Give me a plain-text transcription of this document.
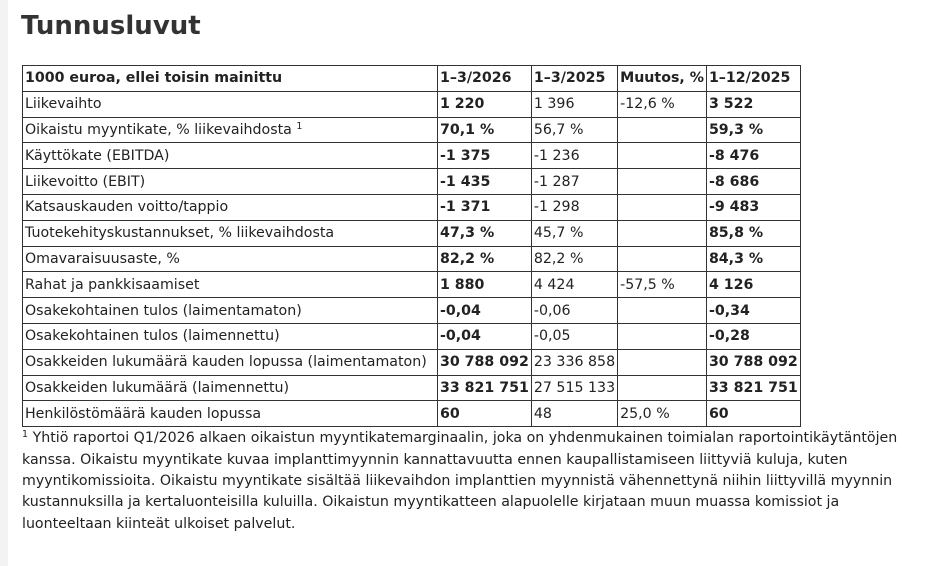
Tunnusluvut
1000 euroa, ellei toisin mainittu	1–3/2026	1–3/2025	Muutos, %	1–12/2025
Liikevaihto	1 220	1 396	-12,6 %	3 522
Oikaistu myyntikate, % liikevaihdosta $^1$	70,1 %	56,7 %		59,3 %
Käyttökate (EBITDA)	-1 375	-1 236		-8 476
Liikevoitto (EBIT)	-1 435	-1 287		-8 686
Katsauskauden voitto/tappio	-1 371	-1 298		-9 483
Tuotekehityskustannukset, % liikevaihdosta	47,3 %	45,7 %		85,8 %
Omavaraisuusaste, %	82,2 %	82,2 %		84,3 %
Rahat ja pankkisaamiset	1 880	4 424	-57,5 %	4 126
Osakekohtainen tulos (laimentamaton)	-0,04	-0,06		-0,34
Osakekohtainen tulos (laimennettu)	-0,04	-0,05		-0,28
Osakkeiden lukumäärä kauden lopussa (laimentamaton)	30 788 092	23 336 858		30 788 092
Osakkeiden lukumäärä (laimennettu)	33 821 751	27 515 133		33 821 751
Henkilöstömäärä kauden lopussa	60	48	25,0 %	60
$^1$ Yhtiö raportoi Q1/2026 alkaen oikaistun myyntikatemarginaalin, joka on yhdenmukainen toimialan raportointikäytäntöjen kanssa. Oikaistu myyntikate kuvaa implanttimyynnin kannattavuutta ennen kaupallistamiseen liittyviä kuluja, kuten myyntikomissioita. Oikaistu myyntikate sisältää liikevaihdon implanttien myynnistä vähennettynä niihin liittyvillä myynnin kustannuksilla ja kertaluonteisilla kuluilla. Oikaistun myyntikatteen alapuolelle kirjataan muun muassa komissiot ja luonteeltaan kiinteät ulkoiset palvelut.
